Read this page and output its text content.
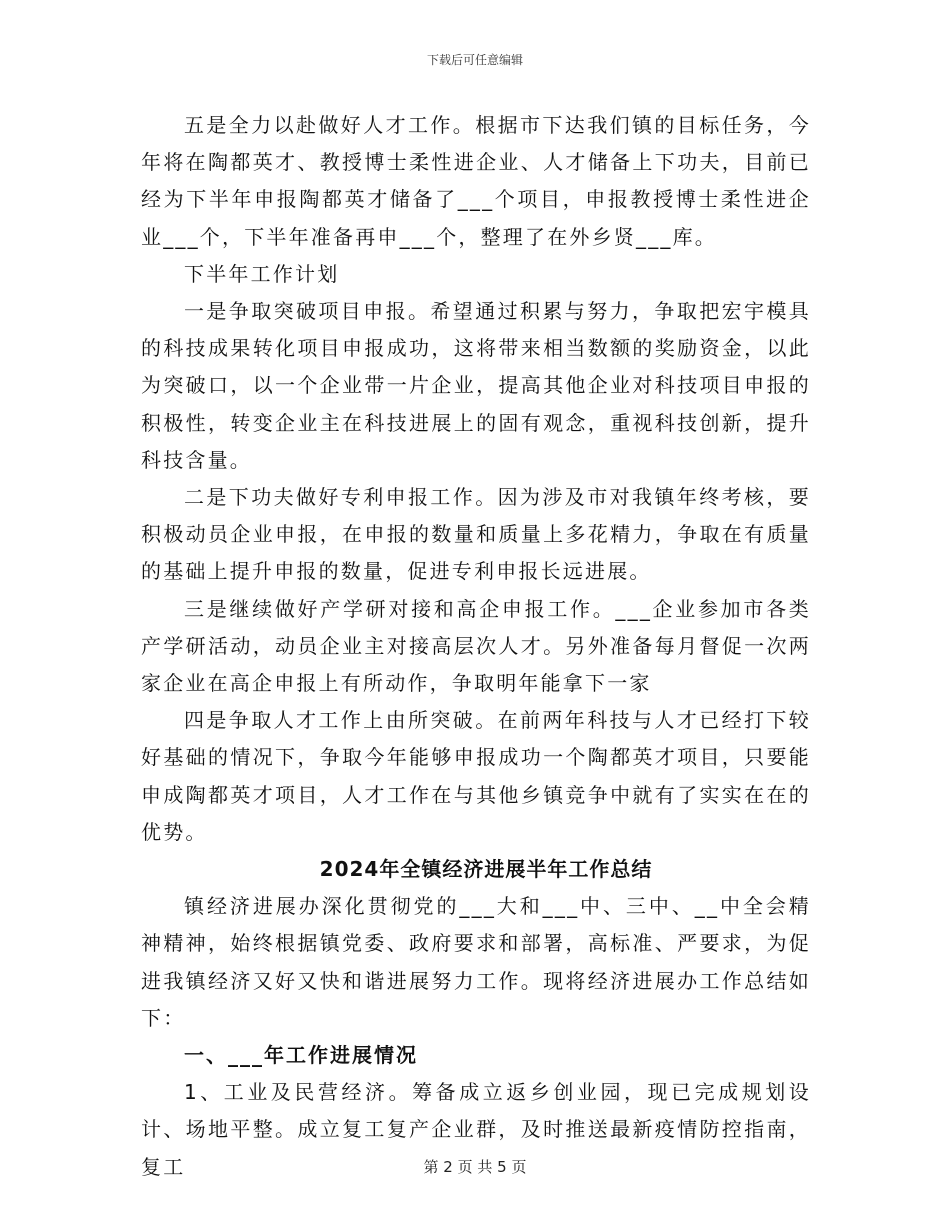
下载后可任意编辑

五是全力以赴做好人才工作。根据市下达我们镇的目标任务，今年将在陶都英才、教授博士柔性进企业、人才储备上下功夫，目前已经为下半年申报陶都英才储备了___个项目，申报教授博士柔性进企业___个，下半年准备再申___个，整理了在外乡贤___库。

下半年工作计划

一是争取突破项目申报。希望通过积累与努力，争取把宏宇模具的科技成果转化项目申报成功，这将带来相当数额的奖励资金，以此为突破口，以一个企业带一片企业，提高其他企业对科技项目申报的积极性，转变企业主在科技进展上的固有观念，重视科技创新，提升科技含量。

二是下功夫做好专利申报工作。因为涉及市对我镇年终考核，要积极动员企业申报，在申报的数量和质量上多花精力，争取在有质量的基础上提升申报的数量，促进专利申报长远进展。

三是继续做好产学研对接和高企申报工作。___企业参加市各类产学研活动，动员企业主对接高层次人才。另外准备每月督促一次两家企业在高企申报上有所动作，争取明年能拿下一家

四是争取人才工作上由所突破。在前两年科技与人才已经打下较好基础的情况下，争取今年能够申报成功一个陶都英才项目，只要能申成陶都英才项目，人才工作在与其他乡镇竞争中就有了实实在在的优势。

2024年全镇经济进展半年工作总结

镇经济进展办深化贯彻党的___大和___中、三中、__中全会精神精神，始终根据镇党委、政府要求和部署，高标准、严要求，为促进我镇经济又好又快和谐进展努力工作。现将经济进展办工作总结如下：

一、___年工作进展情况

1、工业及民营经济。筹备成立返乡创业园，现已完成规划设计、场地平整。成立复工复产企业群，及时推送最新疫情防控指南，复工	第 2 页 共 5 页
